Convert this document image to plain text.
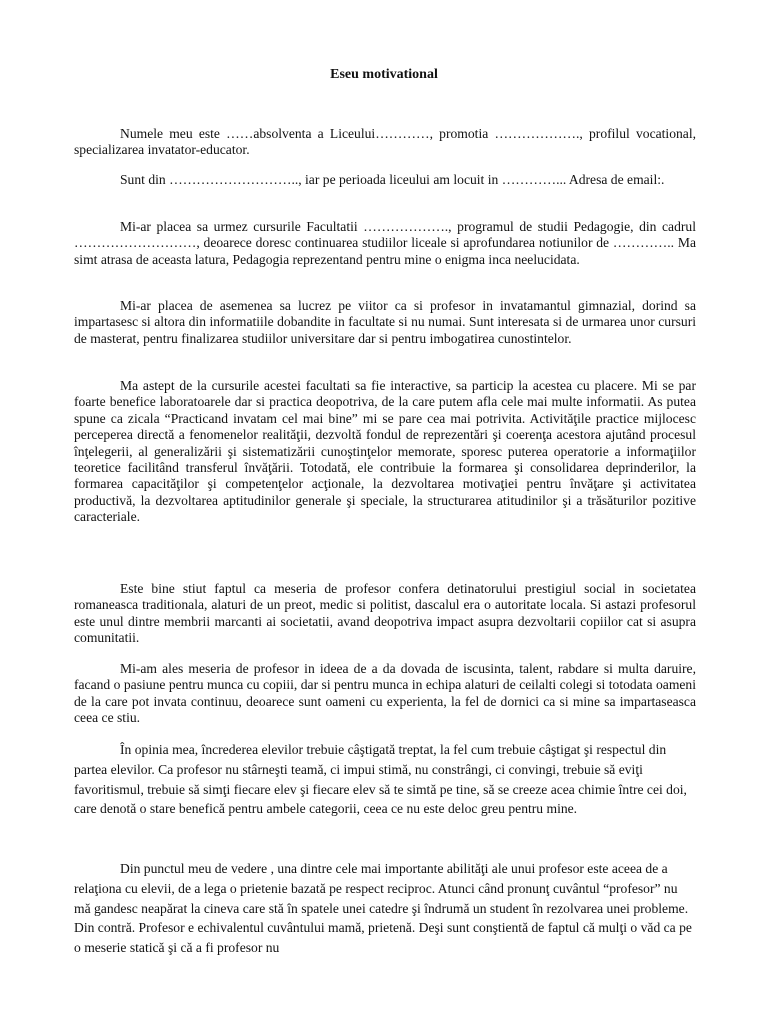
Eseu motivational

Numele meu este ……absolventa a Liceului…………, promotia ………………., profilul vocational, specializarea invatator-educator.

Sunt din ……………………….., iar pe perioada liceului am locuit in …………... Adresa de email:.

Mi-ar placea sa urmez cursurile Facultatii ………………., programul de studii Pedagogie, din cadrul ………………………, deoarece doresc continuarea studiilor liceale si aprofundarea notiunilor de ………….. Ma simt atrasa de aceasta latura, Pedagogia reprezentand pentru mine o enigma inca neelucidata.

Mi-ar placea de asemenea sa lucrez pe viitor ca si profesor in invatamantul gimnazial, dorind sa impartasesc si altora din informatiile dobandite in facultate si nu numai. Sunt interesata si de urmarea unor cursuri de masterat, pentru finalizarea studiilor universitare dar si pentru imbogatirea cunostintelor.

Ma astept de la cursurile acestei facultati sa fie interactive, sa particip la acestea cu placere. Mi se par foarte benefice laboratoarele dar si practica deopotriva, de la care putem afla cele mai multe informatii. As putea spune ca zicala “Practicand invatam cel mai bine” mi se pare cea mai potrivita. Activităţile practice mijlocesc perceperea directă a fenomenelor realităţii, dezvoltă fondul de reprezentări şi coerenţa acestora ajutând procesul înţelegerii, al generalizării şi sistematizării cunoştinţelor memorate, sporesc puterea operatorie a informaţiilor teoretice facilitând transferul învăţării. Totodată, ele contribuie la formarea şi consolidarea deprinderilor, la formarea capacităţilor şi competenţelor acţionale, la dezvoltarea motivaţiei pentru învăţare şi activitatea productivă, la dezvoltarea aptitudinilor generale şi speciale, la structurarea atitudinilor şi a trăsăturilor pozitive caracteriale.

Este bine stiut faptul ca meseria de profesor confera detinatorului prestigiul social in societatea romaneasca traditionala, alaturi de un preot, medic si politist, dascalul era o autoritate locala. Si astazi profesorul este unul dintre membrii marcanti ai societatii, avand deopotriva impact asupra dezvoltarii copiilor cat si asupra comunitatii.

Mi-am ales meseria de profesor in ideea de a da dovada de iscusinta, talent, rabdare si multa daruire, facand o pasiune pentru munca cu copiii, dar si pentru munca in echipa alaturi de ceilalti colegi si totodata oameni de la care pot invata continuu, deoarece sunt oameni cu experienta, la fel de dornici ca si mine sa impartaseasca ceea ce stiu.

În opinia mea, încrederea elevilor trebuie câştigată treptat, la fel cum trebuie câştigat şi respectul din partea elevilor. Ca profesor nu stârneşti teamă, ci impui stimă, nu constrângi, ci convingi, trebuie să eviţi favoritismul, trebuie să simţi fiecare elev şi fiecare elev să te simtă pe tine, să se creeze acea chimie între cei doi, care denotă o stare benefică pentru ambele categorii, ceea ce nu este deloc greu pentru mine.

Din punctul meu de vedere , una dintre cele mai importante abilităţi ale unui profesor este aceea de a relaţiona cu elevii, de a lega o prietenie bazată pe respect reciproc. Atunci când pronunţ cuvântul “profesor” nu mă gandesc neapărat la cineva care stă în spatele unei catedre şi îndrumă un student în rezolvarea unei probleme. Din contră. Profesor e echivalentul cuvântului mamă, prietenă. Deşi sunt conştientă de faptul că mulţi o văd ca pe o meserie statică şi că a fi profesor nu
